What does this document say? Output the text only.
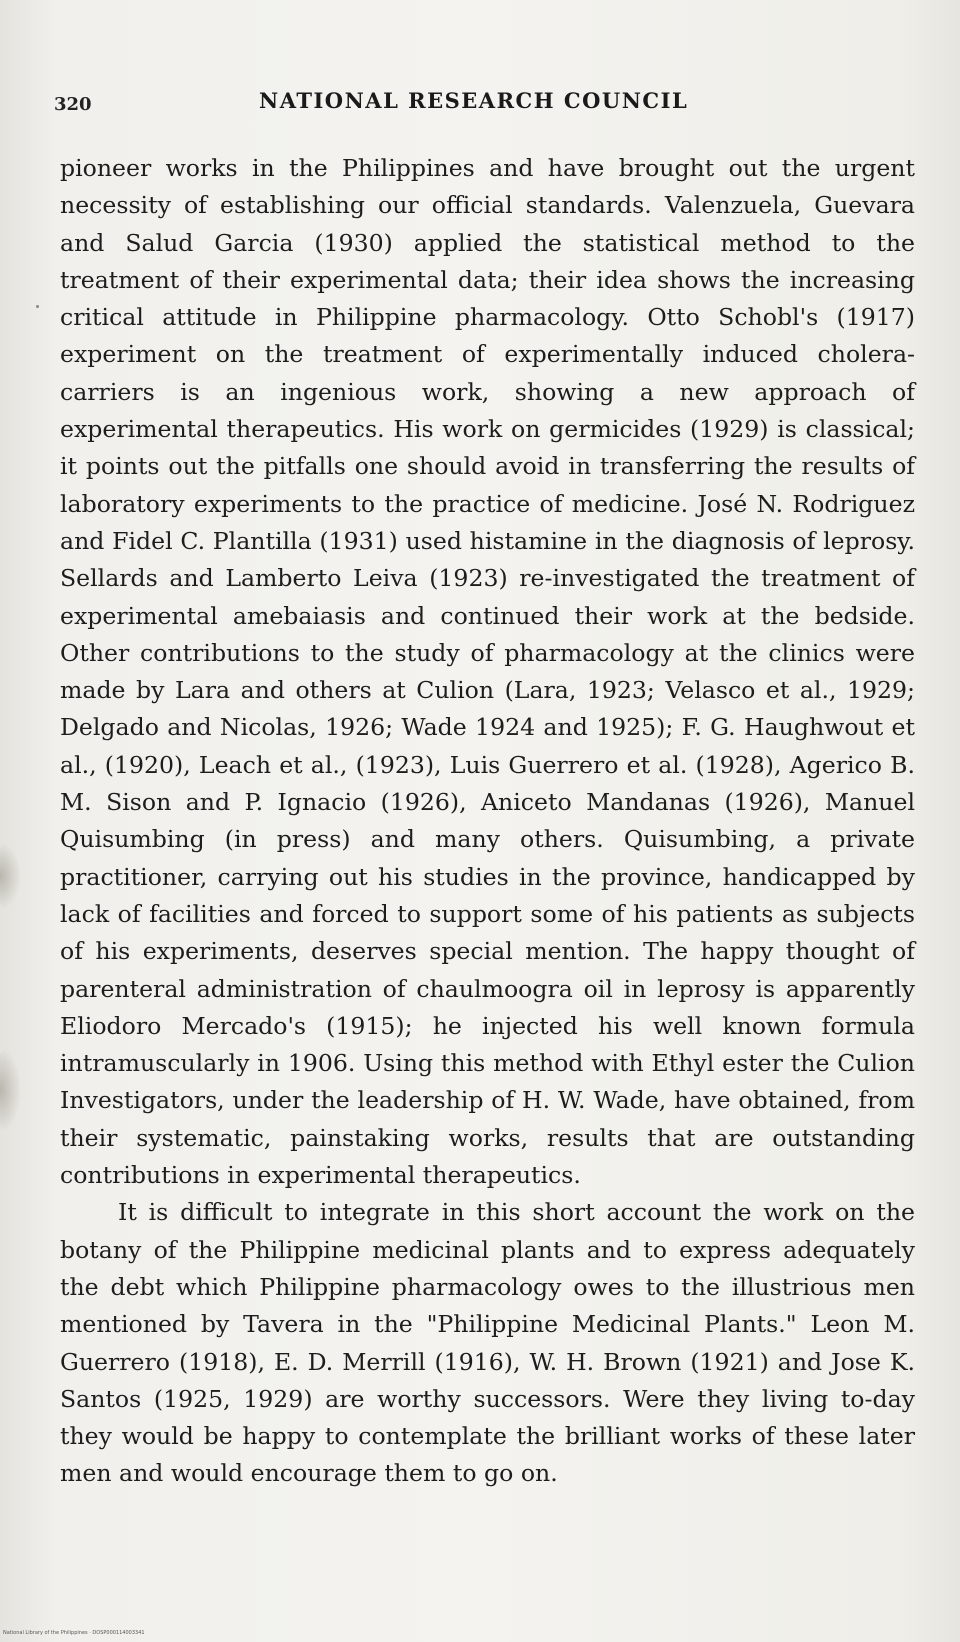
320	NATIONAL RESEARCH COUNCIL

pioneer works in the Philippines and have brought out the urgent necessity of establishing our official standards. Valenzuela, Guevara and Salud Garcia (1930) applied the statistical method to the treatment of their experimental data; their idea shows the increasing critical attitude in Philippine pharmacology. Otto Schobl's (1917) experiment on the treatment of experimentally induced cholera-carriers is an ingenious work, showing a new approach of experimental therapeutics. His work on germicides (1929) is classical; it points out the pitfalls one should avoid in transferring the results of laboratory experiments to the practice of medicine. José N. Rodriguez and Fidel C. Plantilla (1931) used histamine in the diagnosis of leprosy. Sellards and Lamberto Leiva (1923) re-investigated the treatment of experimental amebaiasis and continued their work at the bedside. Other contributions to the study of pharmacology at the clinics were made by Lara and others at Culion (Lara, 1923; Velasco et al., 1929; Delgado and Nicolas, 1926; Wade 1924 and 1925); F. G. Haughwout et al., (1920), Leach et al., (1923), Luis Guerrero et al. (1928), Agerico B. M. Sison and P. Ignacio (1926), Aniceto Mandanas (1926), Manuel Quisumbing (in press) and many others. Quisumbing, a private practitioner, carrying out his studies in the province, handicapped by lack of facilities and forced to support some of his patients as subjects of his experiments, deserves special mention. The happy thought of parenteral administration of chaulmoogra oil in leprosy is apparently Eliodoro Mercado's (1915); he injected his well known formula intramuscularly in 1906. Using this method with Ethyl ester the Culion Investigators, under the leadership of H. W. Wade, have obtained, from their systematic, painstaking works, results that are outstanding contributions in experimental therapeutics.

It is difficult to integrate in this short account the work on the botany of the Philippine medicinal plants and to express adequately the debt which Philippine pharmacology owes to the illustrious men mentioned by Tavera in the "Philippine Medicinal Plants." Leon M. Guerrero (1918), E. D. Merrill (1916), W. H. Brown (1921) and Jose K. Santos (1925, 1929) are worthy successors. Were they living to-day they would be happy to contemplate the brilliant works of these later men and would encourage them to go on.

National Library of the Philippines · DOSP000114003341
